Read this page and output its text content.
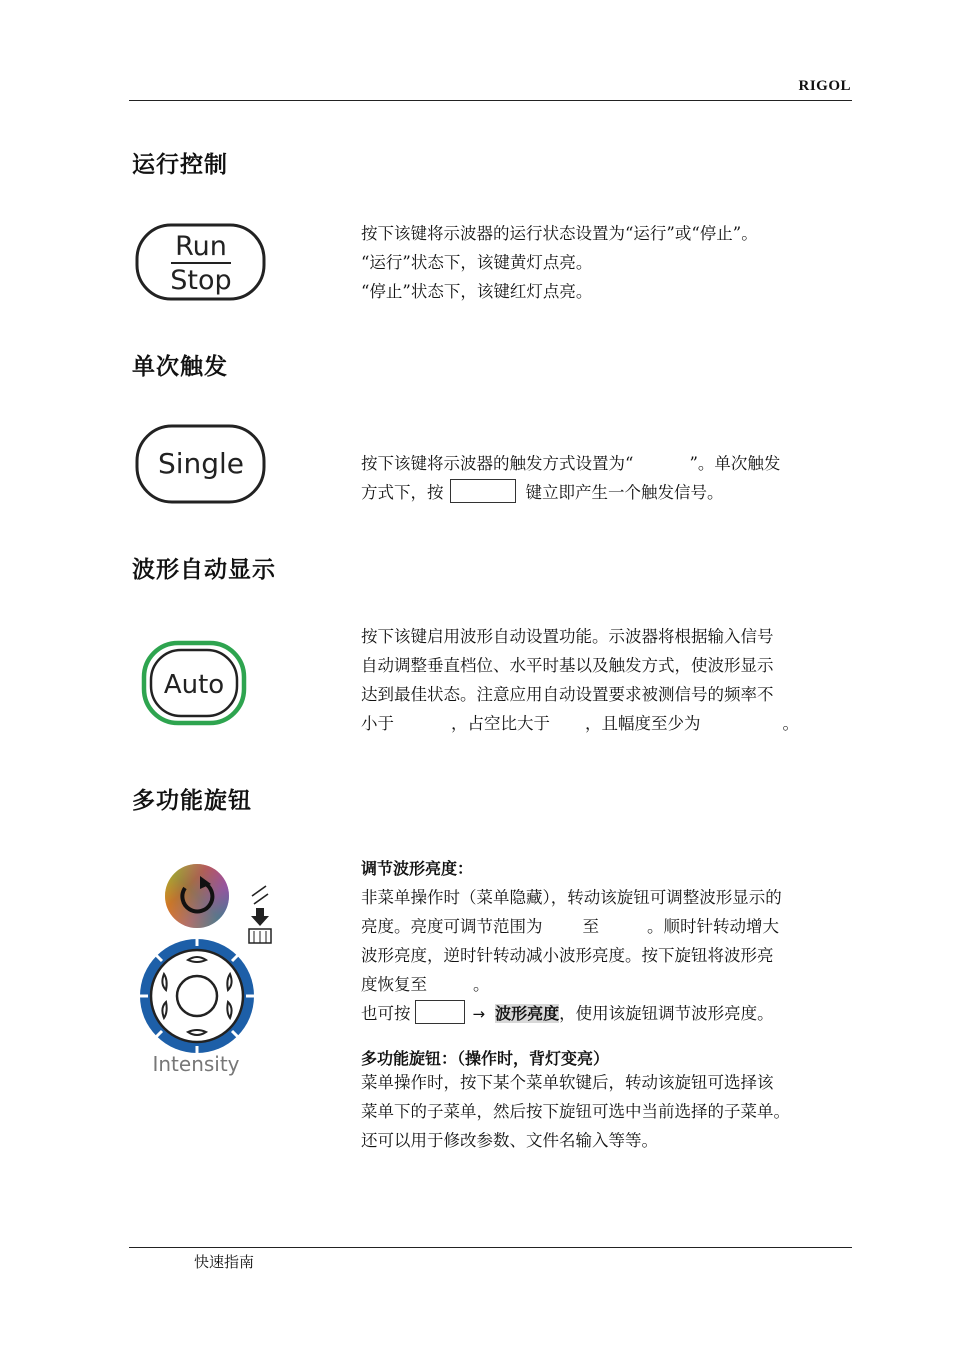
RIGOL
运行控制
Run
Stop
按下该键将示波器的运行状态设置为“运行”或“停止”。
“运行”状态下，该键黄灯点亮。
“停止”状态下，该键红灯点亮。
单次触发
Single	按下该键将示波器的触发方式设置为“	”。单次触发
方式下，按	键立即产生一个触发信号。
波形自动显示
Auto
按下该键启用波形自动设置功能。示波器将根据输入信号
自动调整垂直档位、水平时基以及触发方式，使波形显示
达到最佳状态。注意应用自动设置要求被测信号的频率不
小于	，占空比大于 ，且幅度至少为	。
多功能旋钮
Intensity
调节波形亮度：
非菜单操作时（菜单隐藏），转动该旋钮可调整波形显示的
亮度。亮度可调节范围为 至	。顺时针转动增大
波形亮度，逆时针转动减小波形亮度。按下旋钮将波形亮
度恢复至	。
也可按	→ 波形亮度，使用该旋钮调节波形亮度。
多功能旋钮：（操作时，背灯变亮）
菜单操作时，按下某个菜单软键后，转动该旋钮可选择该
菜单下的子菜单，然后按下旋钮可选中当前选择的子菜单。
还可以用于修改参数、文件名输入等等。
快速指南
